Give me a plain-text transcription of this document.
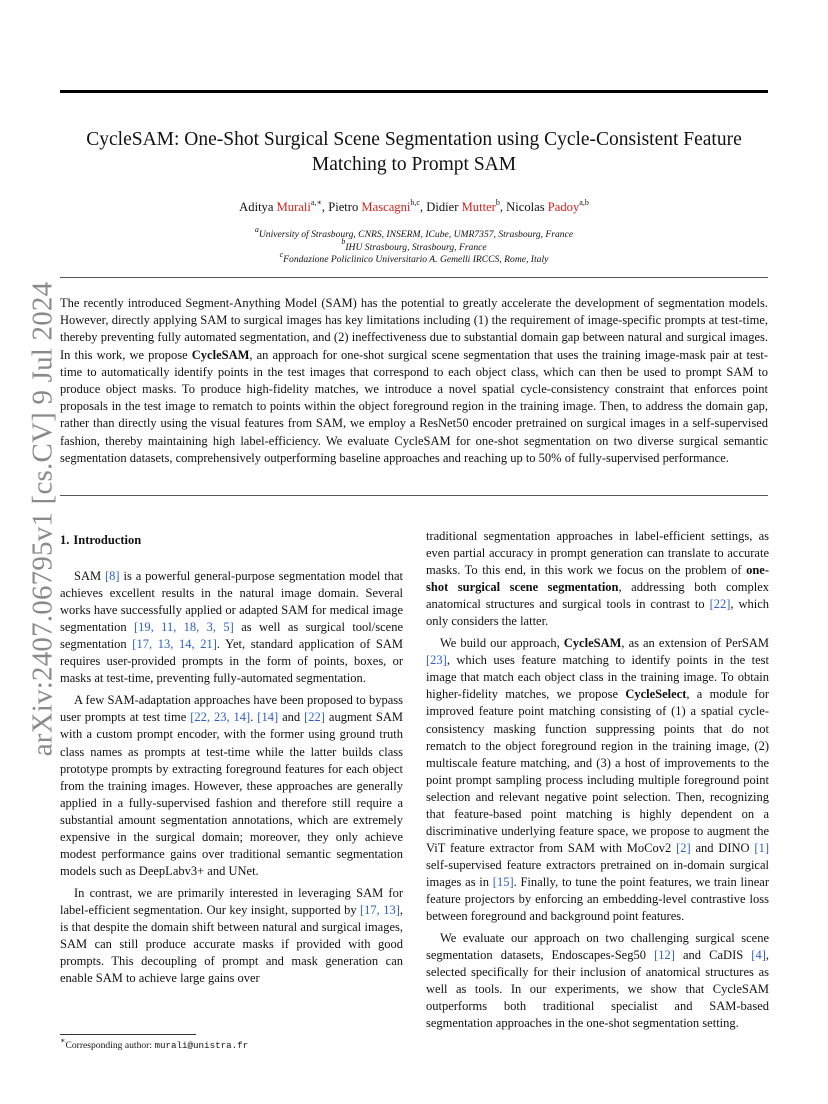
arXiv:2407.06795v1 [cs.CV] 9 Jul 2024
CycleSAM: One-Shot Surgical Scene Segmentation using Cycle-Consistent Feature
Matching to Prompt SAM
Aditya Murali$^{a,∗}$, Pietro Mascagni$^{b,c}$, Didier Mutter$^b$, Nicolas Padoy$^{a,b}$
$^a$University of Strasbourg, CNRS, INSERM, ICube, UMR7357, Strasbourg, France
$^b$IHU Strasbourg, Strasbourg, France
$^c$Fondazione Policlinico Universitario A. Gemelli IRCCS, Rome, Italy
The recently introduced Segment-Anything Model (SAM) has the potential to greatly accelerate the development of segmentation models. However, directly applying SAM to surgical images has key limitations including (1) the requirement of image-specific prompts at test-time, thereby preventing fully automated segmentation, and (2) ineffectiveness due to substantial domain gap between natural and surgical images. In this work, we propose CycleSAM, an approach for one-shot surgical scene segmentation that uses the training image-mask pair at test-time to automatically identify points in the test images that correspond to each object class, which can then be used to prompt SAM to produce object masks. To produce high-fidelity matches, we introduce a novel spatial cycle-consistency constraint that enforces point proposals in the test image to rematch to points within the object foreground region in the training image. Then, to address the domain gap, rather than directly using the visual features from SAM, we employ a ResNet50 encoder pretrained on surgical images in a self-supervised fashion, thereby maintaining high label-efficiency. We evaluate CycleSAM for one-shot segmentation on two diverse surgical semantic segmentation datasets, comprehensively outperforming baseline approaches and reaching up to 50% of fully-supervised performance.
1. Introduction

SAM [8] is a powerful general-purpose segmentation model that achieves excellent results in the natural image domain. Several works have successfully applied or adapted SAM for medical image segmentation [19, 11, 18, 3, 5] as well as surgical tool/scene segmentation [17, 13, 14, 21]. Yet, standard application of SAM requires user-provided prompts in the form of points, boxes, or masks at test-time, preventing fully-automated segmentation.

A few SAM-adaptation approaches have been proposed to bypass user prompts at test time [22, 23, 14]. [14] and [22] augment SAM with a custom prompt encoder, with the former using ground truth class names as prompts at test-time while the latter builds class prototype prompts by extracting foreground features for each object from the training images. However, these approaches are generally applied in a fully-supervised fashion and therefore still require a substantial amount segmentation annotations, which are extremely expensive in the surgical domain; moreover, they only achieve modest performance gains over traditional semantic segmentation models such as DeepLabv3+ and UNet.

In contrast, we are primarily interested in leveraging SAM for label-efficient segmentation. Our key insight, supported by [17, 13], is that despite the domain shift between natural and surgical images, SAM can still produce accurate masks if provided with good prompts. This decoupling of prompt and mask generation can enable SAM to achieve large gains over

traditional segmentation approaches in label-efficient settings, as even partial accuracy in prompt generation can translate to accurate masks. To this end, in this work we focus on the problem of one-shot surgical scene segmentation, addressing both complex anatomical structures and surgical tools in contrast to [22], which only considers the latter.

We build our approach, CycleSAM, as an extension of PerSAM [23], which uses feature matching to identify points in the test image that match each object class in the training image. To obtain higher-fidelity matches, we propose CycleSelect, a module for improved feature point matching consisting of (1) a spatial cycle-consistency masking function suppressing points that do not rematch to the object foreground region in the training image, (2) multiscale feature matching, and (3) a host of improvements to the point prompt sampling process including multiple foreground point selection and relevant negative point selection. Then, recognizing that feature-based point matching is highly dependent on a discriminative underlying feature space, we propose to augment the ViT feature extractor from SAM with MoCov2 [2] and DINO [1] self-supervised feature extractors pretrained on in-domain surgical images as in [15]. Finally, to tune the point features, we train linear feature projectors by enforcing an embedding-level contrastive loss between foreground and background point features.

We evaluate our approach on two challenging surgical scene segmentation datasets, Endoscapes-Seg50 [12] and CaDIS [4], selected specifically for their inclusion of anatomical structures as well as tools. In our experiments, we show that CycleSAM outperforms both traditional specialist and SAM-based segmentation approaches in the one-shot segmentation setting.

∗Corresponding author: murali@unistra.fr
